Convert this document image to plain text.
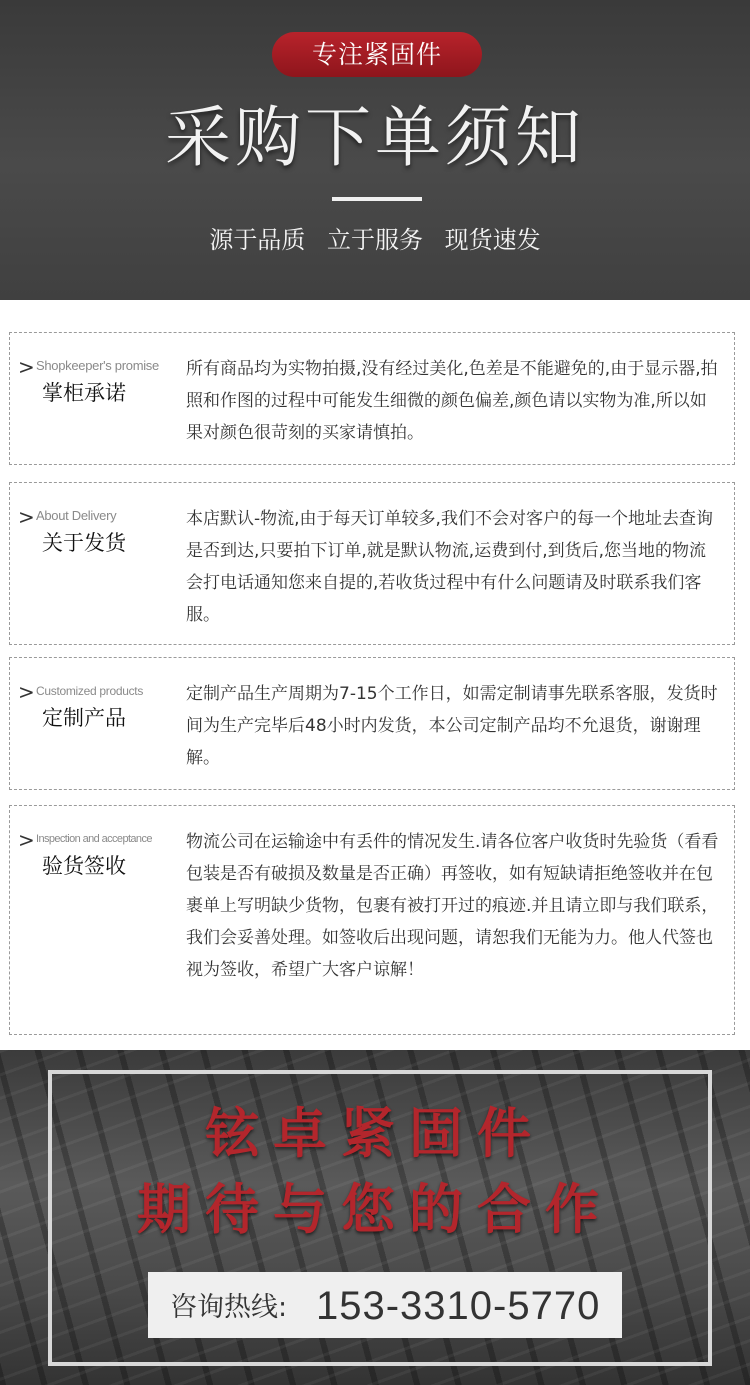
专注紧固件
采购下单须知
源于品质 立于服务 现货速发
> Shopkeeper's promise
掌柜承诺
所有商品均为实物拍摄,没有经过美化,色差是不能避免的,由于显示器,拍照和作图的过程中可能发生细微的颜色偏差,颜色请以实物为准,所以如果对颜色很苛刻的买家请慎拍。
> About Delivery
关于发货
本店默认-物流,由于每天订单较多,我们不会对客户的每一个地址去查询是否到达,只要拍下订单,就是默认物流,运费到付,到货后,您当地的物流会打电话通知您来自提的,若收货过程中有什么问题请及时联系我们客服。
> Customized products
定制产品
定制产品生产周期为7-15个工作日，如需定制请事先联系客服，发货时间为生产完毕后48小时内发货，本公司定制产品均不允退货，谢谢理解。
> Inspection and acceptance
验货签收
物流公司在运输途中有丢件的情况发生.请各位客户收货时先验货（看看包装是否有破损及数量是否正确）再签收，如有短缺请拒绝签收并在包裹单上写明缺少货物，包裹有被打开过的痕迹.并且请立即与我们联系，我们会妥善处理。如签收后出现问题，请恕我们无能为力。他人代签也视为签收，希望广大客户谅解！
铉卓紧固件
期待与您的合作
咨询热线: 153-3310-5770
